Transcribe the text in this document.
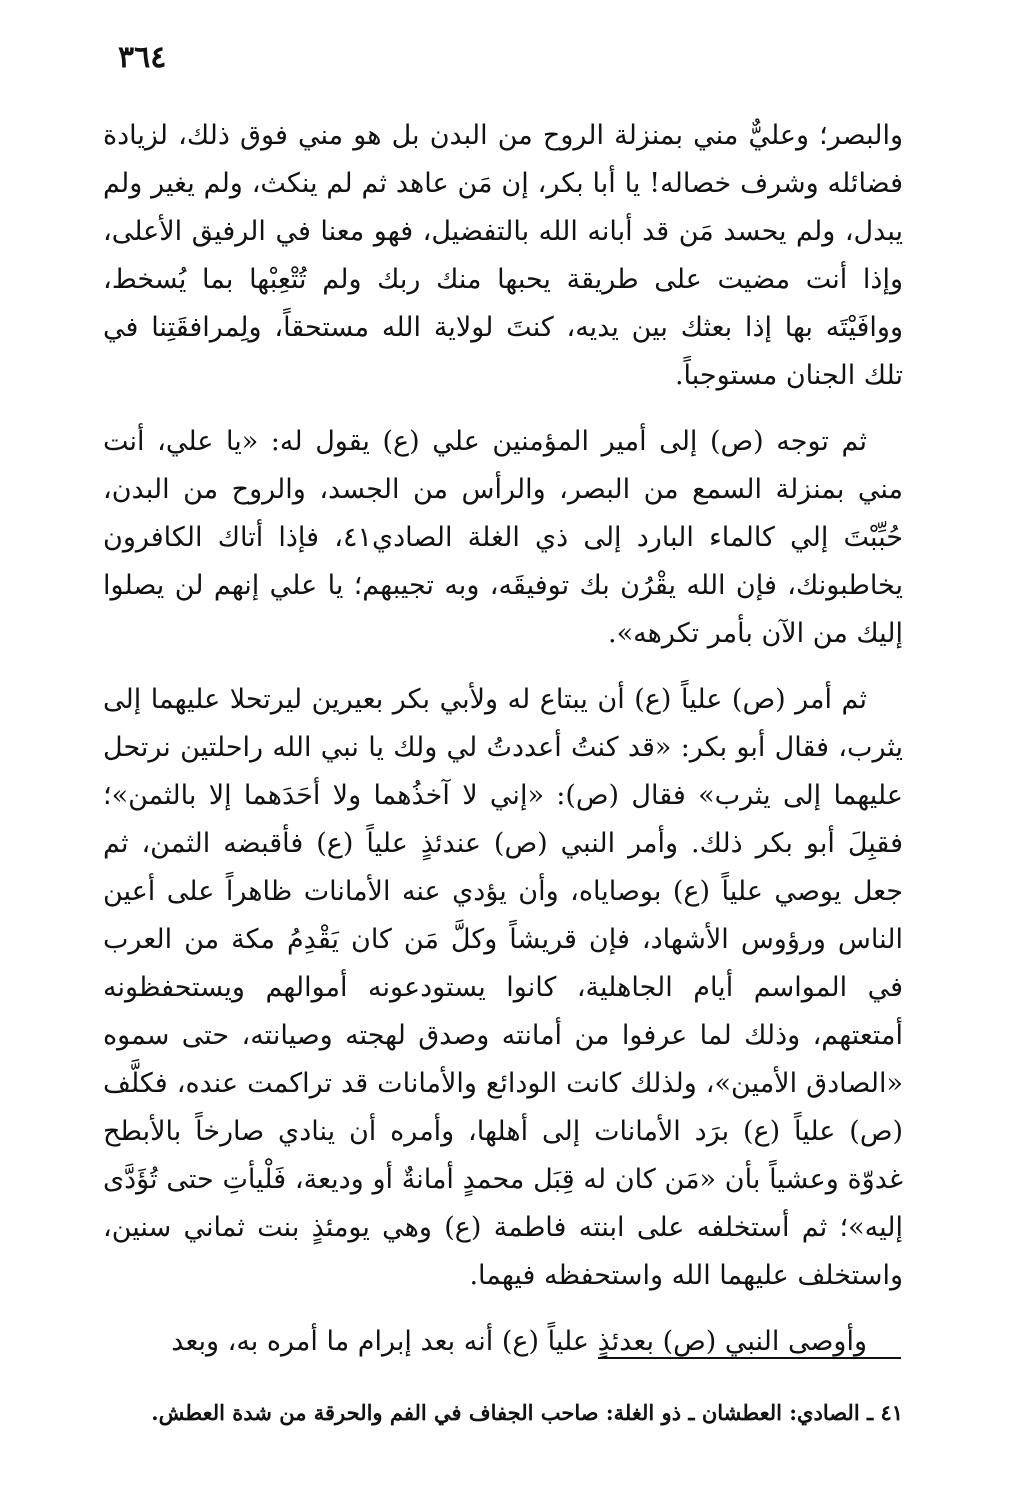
٣٦٤

والبصر؛ وعليٌّ مني بمنزلة الروح من البدن بل هو مني فوق ذلك، لزيادة فضائله وشرف خصاله! يا أبا بكر، إن مَن عاهد ثم لم ينكث، ولم يغير ولم يبدل، ولم يحسد مَن قد أبانه الله بالتفضيل، فهو معنا في الرفيق الأعلى، وإذا أنت مضيت على طريقة يحبها منك ربك ولم تُتْعِبْها بما يُسخط، ووافَيْتَه بها إذا بعثك بين يديه، كنتَ لولاية الله مستحقاً، ولِمرافقَتِنا في تلك الجنان مستوجباً.

ثم توجه (ص) إلى أمير المؤمنين علي (ع) يقول له: «يا علي، أنت مني بمنزلة السمع من البصر، والرأس من الجسد، والروح من البدن، حُبِّبْتَ إلي كالماء البارد إلى ذي الغلة الصادي٤١، فإذا أتاك الكافرون يخاطبونك، فإن الله يقْرُن بك توفيقَه، وبه تجيبهم؛ يا علي إنهم لن يصلوا إليك من الآن بأمر تكرهه».

ثم أمر (ص) علياً (ع) أن يبتاع له ولأبي بكر بعيرين ليرتحلا عليهما إلى يثرب، فقال أبو بكر: «قد كنتُ أعددتُ لي ولك يا نبي الله راحلتين نرتحل عليهما إلى يثرب» فقال (ص): «إني لا آخذُهما ولا أحَدَهما إلا بالثمن»؛ فقبِلَ أبو بكر ذلك. وأمر النبي (ص) عندئذٍ علياً (ع) فأقبضه الثمن، ثم جعل يوصي علياً (ع) بوصاياه، وأن يؤدي عنه الأمانات ظاهراً على أعين الناس ورؤوس الأشهاد، فإن قريشاً وكلَّ مَن كان يَقْدِمُ مكة من العرب في المواسم أيام الجاهلية، كانوا يستودعونه أموالهم ويستحفظونه أمتعتهم، وذلك لما عرفوا من أمانته وصدق لهجته وصيانته، حتى سموه «الصادق الأمين»، ولذلك كانت الودائع والأمانات قد تراكمت عنده، فكلَّف (ص) علياً (ع) برَد الأمانات إلى أهلها، وأمره أن ينادي صارخاً بالأبطح غدوّة وعشياً بأن «مَن كان له قِبَل محمدٍ أمانةٌ أو وديعة، فَلْيأتِ حتى تُؤَدَّى إليه»؛ ثم أستخلفه على ابنته فاطمة (ع) وهي يومئذٍ بنت ثماني سنين، واستخلف عليهما الله واستحفظه فيهما.

وأوصى النبي (ص) بعدئذٍ علياً (ع) أنه بعد إبرام ما أمره به، وبعد

٤١ ـ الصادي: العطشان ـ ذو الغلة: صاحب الجفاف في الفم والحرقة من شدة العطش.
